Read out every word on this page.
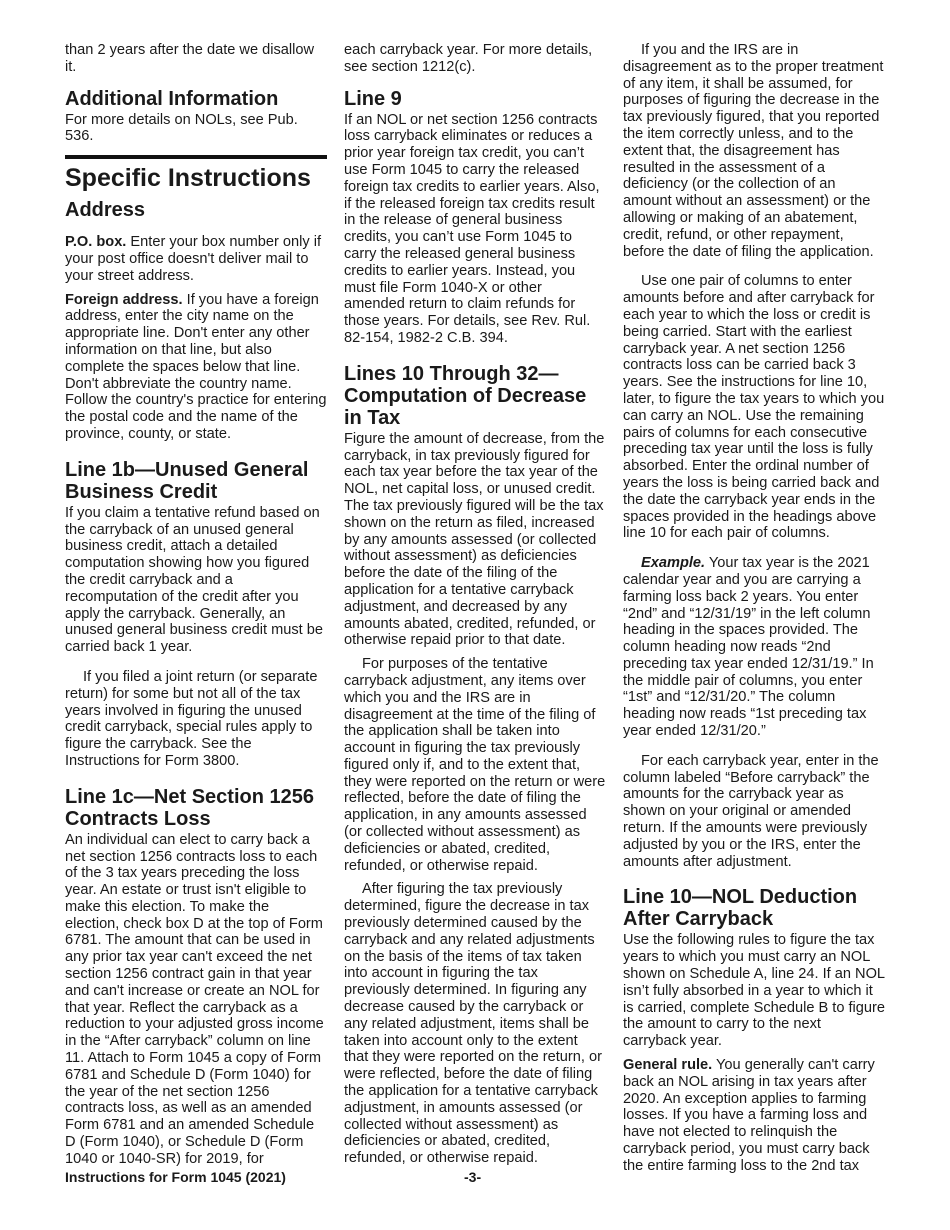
than 2 years after the date we disallow it.

Additional Information

For more details on NOLs, see Pub. 536.

Specific Instructions
Address

P.O. box. Enter your box number only if your post office doesn't deliver mail to your street address.

Foreign address. If you have a foreign address, enter the city name on the appropriate line. Don't enter any other information on that line, but also complete the spaces below that line. Don't abbreviate the country name. Follow the country's practice for entering the postal code and the name of the province, county, or state.

Line 1b—Unused General Business Credit

If you claim a tentative refund based on the carryback of an unused general business credit, attach a detailed computation showing how you figured the credit carryback and a recomputation of the credit after you apply the carryback. Generally, an unused general business credit must be carried back 1 year.

If you filed a joint return (or separate return) for some but not all of the tax years involved in figuring the unused credit carryback, special rules apply to figure the carryback. See the Instructions for Form 3800.

Line 1c—Net Section 1256 Contracts Loss

An individual can elect to carry back a net section 1256 contracts loss to each of the 3 tax years preceding the loss year. An estate or trust isn't eligible to make this election. To make the election, check box D at the top of Form 6781. The amount that can be used in any prior tax year can't exceed the net section 1256 contract gain in that year and can't increase or create an NOL for that year. Reflect the carryback as a reduction to your adjusted gross income in the “After carryback” column on line 11. Attach to Form 1045 a copy of Form 6781 and Schedule D (Form 1040) for the year of the net section 1256 contracts loss, as well as an amended Form 6781 and an amended Schedule D (Form 1040), or Schedule D (Form 1040 or 1040-SR) for 2019, for

each carryback year. For more details, see section 1212(c).

Line 9

If an NOL or net section 1256 contracts loss carryback eliminates or reduces a prior year foreign tax credit, you can’t use Form 1045 to carry the released foreign tax credits to earlier years. Also, if the released foreign tax credits result in the release of general business credits, you can’t use Form 1045 to carry the released general business credits to earlier years. Instead, you must file Form 1040-X or other amended return to claim refunds for those years. For details, see Rev. Rul. 82-154, 1982-2 C.B. 394.

Lines 10 Through 32—Computation of Decrease in Tax

Figure the amount of decrease, from the carryback, in tax previously figured for each tax year before the tax year of the NOL, net capital loss, or unused credit. The tax previously figured will be the tax shown on the return as filed, increased by any amounts assessed (or collected without assessment) as deficiencies before the date of the filing of the application for a tentative carryback adjustment, and decreased by any amounts abated, credited, refunded, or otherwise repaid prior to that date.

For purposes of the tentative carryback adjustment, any items over which you and the IRS are in disagreement at the time of the filing of the application shall be taken into account in figuring the tax previously figured only if, and to the extent that, they were reported on the return or were reflected, before the date of filing the application, in any amounts assessed (or collected without assessment) as deficiencies or abated, credited, refunded, or otherwise repaid.

After figuring the tax previously determined, figure the decrease in tax previously determined caused by the carryback and any related adjustments on the basis of the items of tax taken into account in figuring the tax previously determined. In figuring any decrease caused by the carryback or any related adjustment, items shall be taken into account only to the extent that they were reported on the return, or were reflected, before the date of filing the application for a tentative carryback adjustment, in amounts assessed (or collected without assessment) as deficiencies or abated, credited, refunded, or otherwise repaid.

If you and the IRS are in disagreement as to the proper treatment of any item, it shall be assumed, for purposes of figuring the decrease in the tax previously figured, that you reported the item correctly unless, and to the extent that, the disagreement has resulted in the assessment of a deficiency (or the collection of an amount without an assessment) or the allowing or making of an abatement, credit, refund, or other repayment, before the date of filing the application.

Use one pair of columns to enter amounts before and after carryback for each year to which the loss or credit is being carried. Start with the earliest carryback year. A net section 1256 contracts loss can be carried back 3 years. See the instructions for line 10, later, to figure the tax years to which you can carry an NOL. Use the remaining pairs of columns for each consecutive preceding tax year until the loss is fully absorbed. Enter the ordinal number of years the loss is being carried back and the date the carryback year ends in the spaces provided in the headings above line 10 for each pair of columns.

Example. Your tax year is the 2021 calendar year and you are carrying a farming loss back 2 years. You enter “2nd” and “12/31/19” in the left column heading in the spaces provided. The column heading now reads “2nd preceding tax year ended 12/31/19.” In the middle pair of columns, you enter “1st” and “12/31/20.” The column heading now reads “1st preceding tax year ended 12/31/20.”

For each carryback year, enter in the column labeled “Before carryback” the amounts for the carryback year as shown on your original or amended return. If the amounts were previously adjusted by you or the IRS, enter the amounts after adjustment.

Line 10—NOL Deduction After Carryback

Use the following rules to figure the tax years to which you must carry an NOL shown on Schedule A, line 24. If an NOL isn’t fully absorbed in a year to which it is carried, complete Schedule B to figure the amount to carry to the next carryback year.

General rule. You generally can't carry back an NOL arising in tax years after 2020. An exception applies to farming losses. If you have a farming loss and have not elected to relinquish the carryback period, you must carry back the entire farming loss to the 2nd tax

Instructions for Form 1045 (2021)	-3-
